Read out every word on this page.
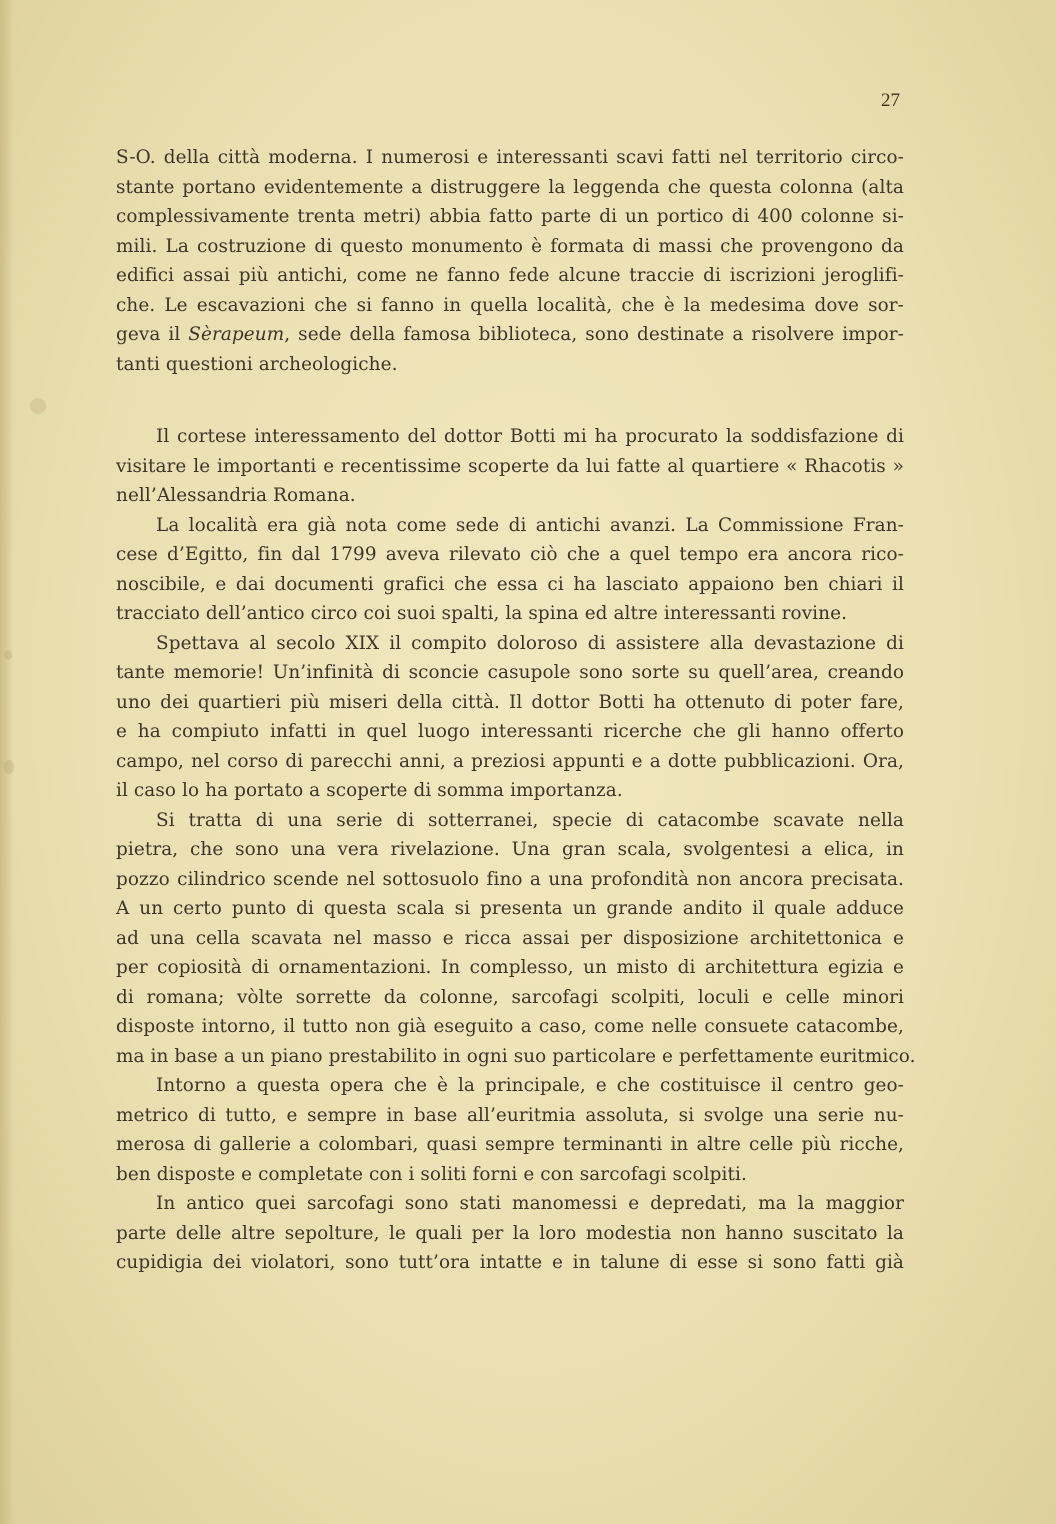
27
S-O. della città moderna. I numerosi e interessanti scavi fatti nel territorio circo-
stante portano evidentemente a distruggere la leggenda che questa colonna (alta
complessivamente trenta metri) abbia fatto parte di un portico di 400 colonne si-
mili. La costruzione di questo monumento è formata di massi che provengono da
edifici assai più antichi, come ne fanno fede alcune traccie di iscrizioni jeroglifi-
che. Le escavazioni che si fanno in quella località, che è la medesima dove sor-
geva il Sèrapeum, sede della famosa biblioteca, sono destinate a risolvere impor-
tanti questioni archeologiche.
Il cortese interessamento del dottor Botti mi ha procurato la soddisfazione di
visitare le importanti e recentissime scoperte da lui fatte al quartiere « Rhacotis »
nell’Alessandria Romana.
La località era già nota come sede di antichi avanzi. La Commissione Fran-
cese d’Egitto, fin dal 1799 aveva rilevato ciò che a quel tempo era ancora rico-
noscibile, e dai documenti grafici che essa ci ha lasciato appaiono ben chiari il
tracciato dell’antico circo coi suoi spalti, la spina ed altre interessanti rovine.
Spettava al secolo XIX il compito doloroso di assistere alla devastazione di
tante memorie! Un’infinità di sconcie casupole sono sorte su quell’area, creando
uno dei quartieri più miseri della città. Il dottor Botti ha ottenuto di poter fare,
e ha compiuto infatti in quel luogo interessanti ricerche che gli hanno offerto
campo, nel corso di parecchi anni, a preziosi appunti e a dotte pubblicazioni. Ora,
il caso lo ha portato a scoperte di somma importanza.
Si tratta di una serie di sotterranei, specie di catacombe scavate nella
pietra, che sono una vera rivelazione. Una gran scala, svolgentesi a elica, in
pozzo cilindrico scende nel sottosuolo fino a una profondità non ancora precisata.
A un certo punto di questa scala si presenta un grande andito il quale adduce
ad una cella scavata nel masso e ricca assai per disposizione architettonica e
per copiosità di ornamentazioni. In complesso, un misto di architettura egizia e
di romana; vòlte sorrette da colonne, sarcofagi scolpiti, loculi e celle minori
disposte intorno, il tutto non già eseguito a caso, come nelle consuete catacombe,
ma in base a un piano prestabilito in ogni suo particolare e perfettamente euritmico.
Intorno a questa opera che è la principale, e che costituisce il centro geo-
metrico di tutto, e sempre in base all’euritmia assoluta, si svolge una serie nu-
merosa di gallerie a colombari, quasi sempre terminanti in altre celle più ricche,
ben disposte e completate con i soliti forni e con sarcofagi scolpiti.
In antico quei sarcofagi sono stati manomessi e depredati, ma la maggior
parte delle altre sepolture, le quali per la loro modestia non hanno suscitato la
cupidigia dei violatori, sono tutt’ora intatte e in talune di esse si sono fatti già
